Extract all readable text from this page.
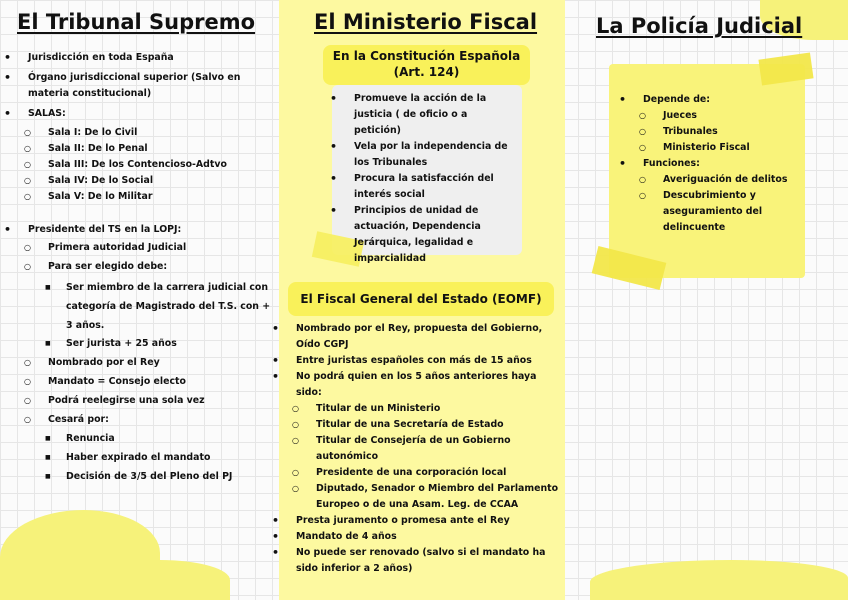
El Tribunal Supremo
• Jurisdicción en toda España
• Órgano jurisdiccional superior (Salvo en materia constitucional)
• SALAS:
○ Sala I: De lo Civil
○ Sala II: De lo Penal
○ Sala III: De los Contencioso-Adtvo
○ Sala IV: De lo Social
○ Sala V: De lo Militar
• Presidente del TS en la LOPJ:
○ Primera autoridad Judicial
○ Para ser elegido debe:
■ Ser miembro de la carrera judicial con categoría de Magistrado del T.S. con + 3 años.
■ Ser jurista + 25 años
○ Nombrado por el Rey
○ Mandato = Consejo electo
○ Podrá reelegirse una sola vez
○ Cesará por:
■ Renuncia
■ Haber expirado el mandato
■ Decisión de 3/5 del Pleno del PJ
El Ministerio Fiscal
En la Constitución Española (Art. 124)
• Promueve la acción de la justicia ( de oficio o a petición)
• Vela por la independencia de los Tribunales
• Procura la satisfacción del interés social
• Principios de unidad de actuación, Dependencia Jerárquica, legalidad e imparcialidad
El Fiscal General del Estado (EOMF)
• Nombrado por el Rey, propuesta del Gobierno, Oído CGPJ
• Entre juristas españoles con más de 15 años
• No podrá quien en los 5 años anteriores haya sido:
○ Titular de un Ministerio
○ Titular de una Secretaría de Estado
○ Titular de Consejería de un Gobierno autonómico
○ Presidente de una corporación local
○ Diputado, Senador o Miembro del Parlamento Europeo o de una Asam. Leg. de CCAA
• Presta juramento o promesa ante el Rey
• Mandato de 4 años
• No puede ser renovado (salvo si el mandato ha sido inferior a 2 años)
La Policía Judicial
• Depende de:
○ Jueces
○ Tribunales
○ Ministerio Fiscal
• Funciones:
○ Averiguación de delitos
○ Descubrimiento y aseguramiento del delincuente
